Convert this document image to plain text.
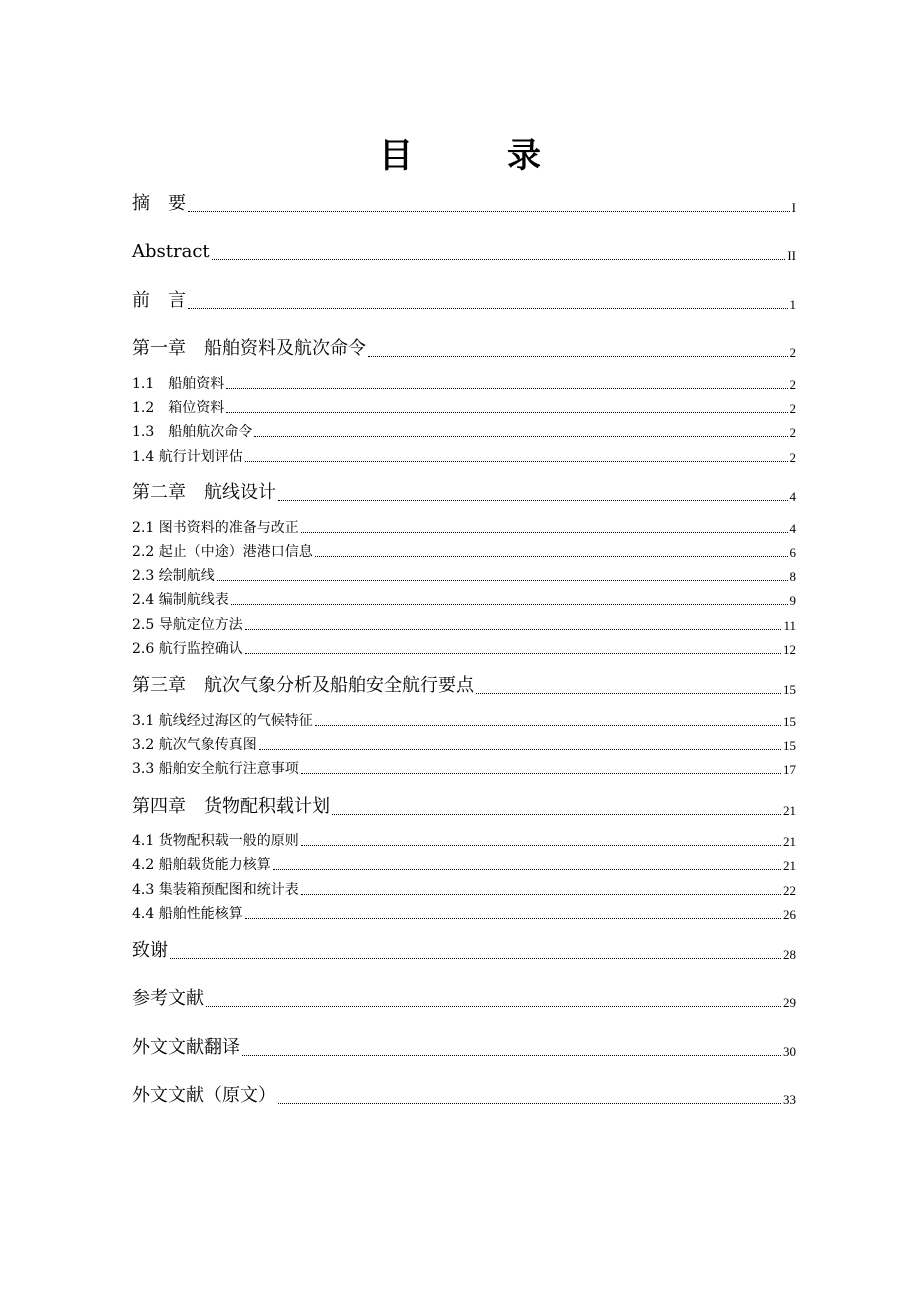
目　录
摘　要	I
Abstract	II
前　言	1
第一章　船舶资料及航次命令	2
1.1　船舶资料	2
1.2　箱位资料	2
1.3　船舶航次命令	2
1.4 航行计划评估	2
第二章　航线设计	4
2.1 图书资料的准备与改正	4
2.2 起止（中途）港港口信息	6
2.3 绘制航线	8
2.4 编制航线表	9
2.5 导航定位方法	11
2.6 航行监控确认	12
第三章　航次气象分析及船舶安全航行要点	15
3.1 航线经过海区的气候特征	15
3.2 航次气象传真图	15
3.3 船舶安全航行注意事项	17
第四章　货物配积载计划	21
4.1 货物配积载一般的原则	21
4.2 船舶载货能力核算	21
4.3 集装箱预配图和统计表	22
4.4 船舶性能核算	26
致谢	28
参考文献	29
外文文献翻译	30
外文文献（原文）	33
